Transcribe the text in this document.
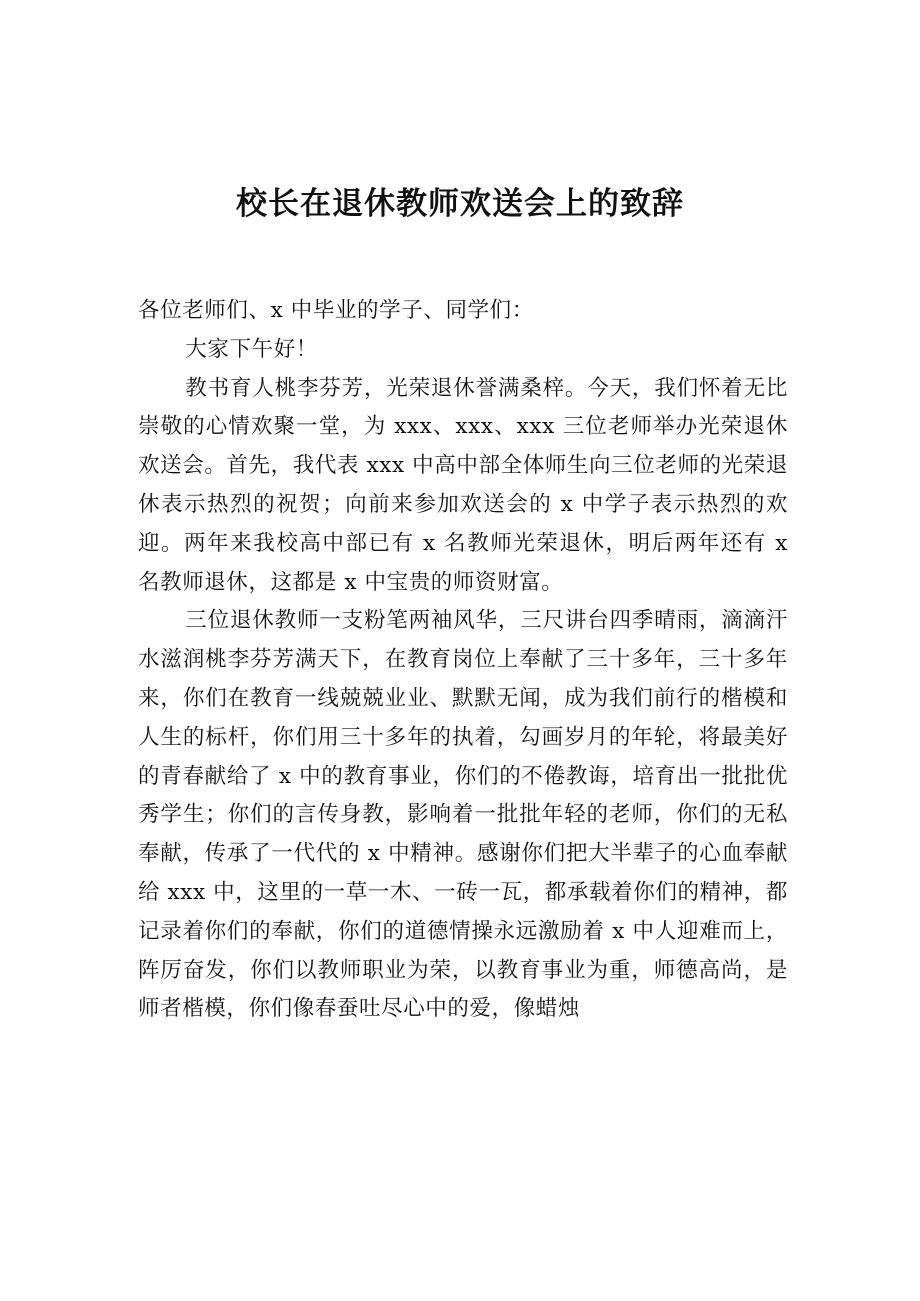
校长在退休教师欢送会上的致辞

各位老师们、x 中毕业的学子、同学们：

大家下午好！

教书育人桃李芬芳，光荣退休誉满桑梓。今天，我们怀着无比崇敬的心情欢聚一堂，为 xxx、xxx、xxx 三位老师举办光荣退休欢送会。首先，我代表 xxx 中高中部全体师生向三位老师的光荣退休表示热烈的祝贺；向前来参加欢送会的 x 中学子表示热烈的欢迎。两年来我校高中部已有 x 名教师光荣退休，明后两年还有 x 名教师退休，这都是 x 中宝贵的师资财富。

三位退休教师一支粉笔两袖风华，三尺讲台四季晴雨，滴滴汗水滋润桃李芬芳满天下，在教育岗位上奉献了三十多年，三十多年来，你们在教育一线兢兢业业、默默无闻，成为我们前行的楷模和人生的标杆，你们用三十多年的执着，勾画岁月的年轮，将最美好的青春献给了 x 中的教育事业，你们的不倦教诲，培育出一批批优秀学生；你们的言传身教，影响着一批批年轻的老师，你们的无私奉献，传承了一代代的 x 中精神。感谢你们把大半辈子的心血奉献给 xxx 中，这里的一草一木、一砖一瓦，都承载着你们的精神，都记录着你们的奉献，你们的道德情操永远激励着 x 中人迎难而上，阵厉奋发，你们以教师职业为荣，以教育事业为重，师德高尚，是师者楷模，你们像春蚕吐尽心中的爱，像蜡烛
